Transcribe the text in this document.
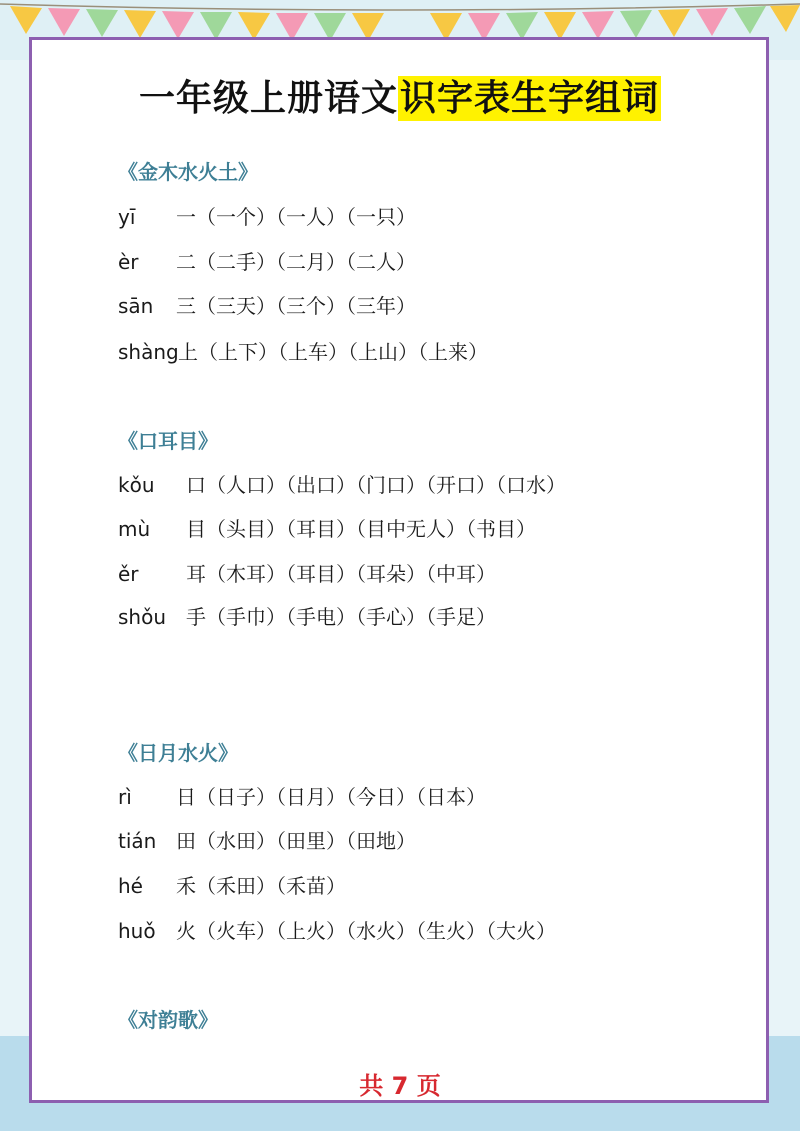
一年级上册语文识字表生字组词
《金木水火土》
yī 一（一个）（一人）（一只）
èr 二（二手）（二月）（二人）
sān 三（三天）（三个）（三年）
shàng上（上下）（上车）（上山）（上来）
《口耳目》
kǒu 口（人口）（出口）（门口）（开口）（口水）
mù 目（头目）（耳目）（目中无人）（书目）
ěr 耳（木耳）（耳目）（耳朵）（中耳）
shǒu 手（手巾）（手电）（手心）（手足）
《日月水火》
rì 日（日子）（日月）（今日）（日本）
tián 田（水田）（田里）（田地）
hé 禾（禾田）（禾苗）
huǒ 火（火车）（上火）（水火）（生火）（大火）
《对韵歌》
共 7 页
